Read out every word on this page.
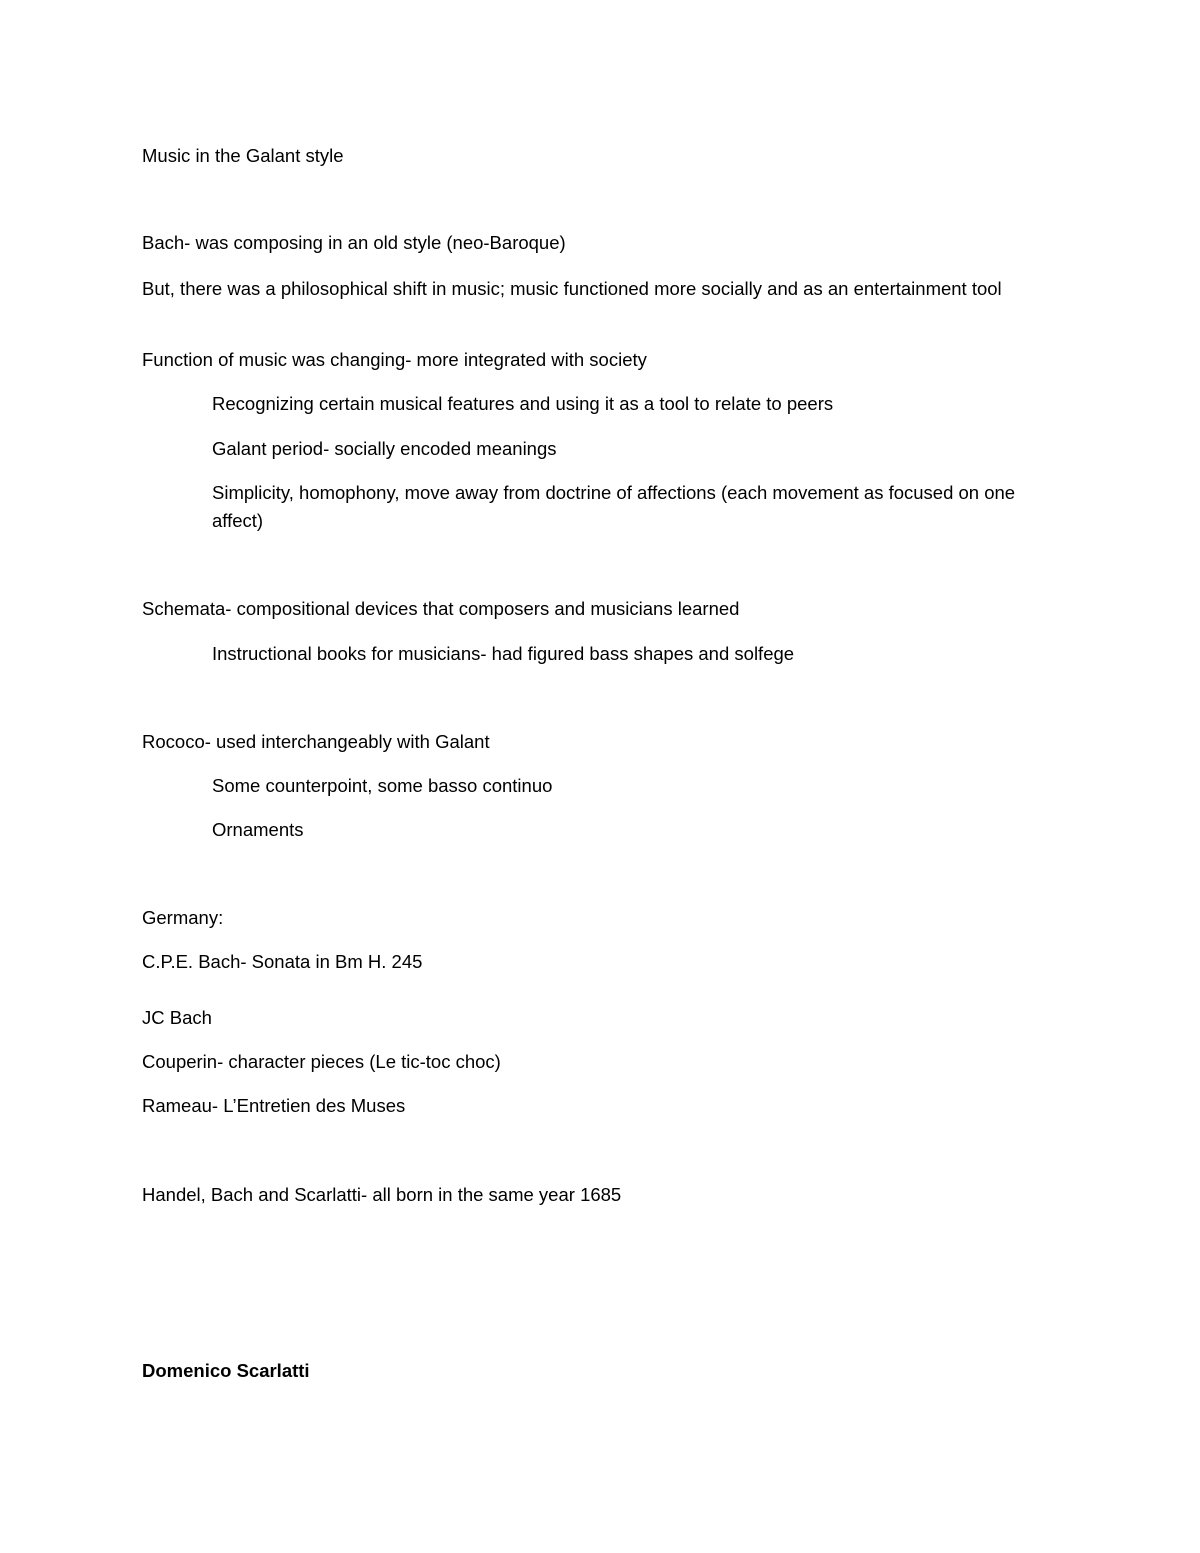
Music in the Galant style

Bach- was composing in an old style (neo-Baroque)

But, there was a philosophical shift in music; music functioned more socially and as an entertainment tool

Function of music was changing- more integrated with society

Recognizing certain musical features and using it as a tool to relate to peers

Galant period- socially encoded meanings

Simplicity, homophony, move away from doctrine of affections (each movement as focused on one affect)

Schemata- compositional devices that composers and musicians learned

Instructional books for musicians- had figured bass shapes and solfege

Rococo- used interchangeably with Galant

Some counterpoint, some basso continuo

Ornaments

Germany:

C.P.E. Bach- Sonata in Bm H. 245

JC Bach

Couperin- character pieces (Le tic-toc choc)

Rameau- L’Entretien des Muses

Handel, Bach and Scarlatti- all born in the same year 1685

Domenico Scarlatti
